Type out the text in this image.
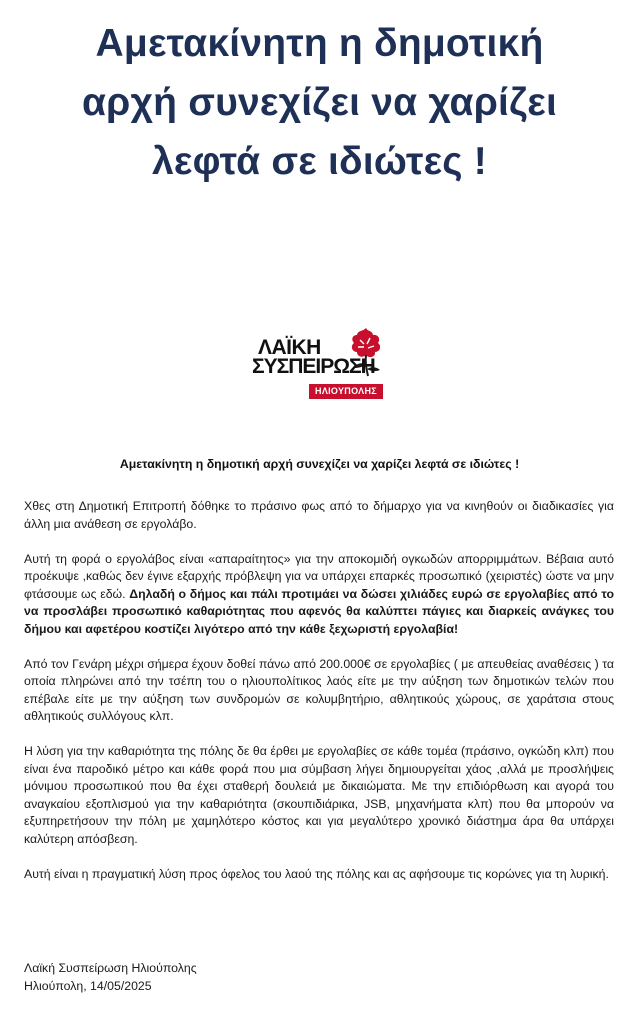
Αμετακίνητη η δημοτική
αρχή συνεχίζει να χαρίζει
λεφτά σε ιδιώτες !
ΛΑΪΚΗ
ΣΥΣΠΕΙΡΩΣΗ
ΗΛΙΟΥΠΟΛΗΣ
Αμετακίνητη η δημοτική αρχή συνεχίζει να χαρίζει λεφτά σε ιδιώτες !

Χθες στη Δημοτική Επιτροπή δόθηκε το πράσινο φως από το δήμαρχο για να κινηθούν οι διαδικασίες για άλλη μια ανάθεση σε εργολάβο.

Αυτή τη φορά ο εργολάβος είναι «απαραίτητος» για την αποκομιδή ογκωδών απορριμμάτων. Βέβαια αυτό προέκυψε ,καθώς δεν έγινε εξαρχής πρόβλεψη για να υπάρχει επαρκές προσωπικό (χειριστές) ώστε να μην φτάσουμε ως εδώ. Δηλαδή ο δήμος και πάλι προτιμάει να δώσει χιλιάδες ευρώ σε εργολαβίες από το να προσλάβει προσωπικό καθαριότητας που αφενός θα καλύπτει πάγιες και διαρκείς ανάγκες του δήμου και αφετέρου κοστίζει λιγότερο από την κάθε ξεχωριστή εργολαβία!

Από τον Γενάρη μέχρι σήμερα έχουν δοθεί πάνω από 200.000€ σε εργολαβίες ( με απευθείας αναθέσεις ) τα οποία πληρώνει από την τσέπη του ο ηλιουπολίτικος λαός είτε με την αύξηση των δημοτικών τελών που επέβαλε είτε με την αύξηση των συνδρομών σε κολυμβητήριο, αθλητικούς χώρους, σε χαράτσια στους αθλητικούς συλλόγους κλπ.

Η λύση για την καθαριότητα της πόλης δε θα έρθει με εργολαβίες σε κάθε τομέα (πράσινο, ογκώδη κλπ) που είναι ένα παροδικό μέτρο και κάθε φορά που μια σύμβαση λήγει δημιουργείται χάος ,αλλά με προσλήψεις μόνιμου προσωπικού που θα έχει σταθερή δουλειά με δικαιώματα. Με την επιδιόρθωση και αγορά του αναγκαίου εξοπλισμού για την καθαριότητα (σκουπιδιάρικα, JSB, μηχανήματα κλπ) που θα μπορούν να εξυπηρετήσουν την πόλη με χαμηλότερο κόστος και για μεγαλύτερο χρονικό διάστημα άρα θα υπάρχει καλύτερη απόσβεση.

Αυτή είναι η πραγματική λύση προς όφελος του λαού της πόλης και ας αφήσουμε τις κορώνες για τη λυρική.

Λαϊκή Συσπείρωση Ηλιούπολης
Ηλιούπολη, 14/05/2025
